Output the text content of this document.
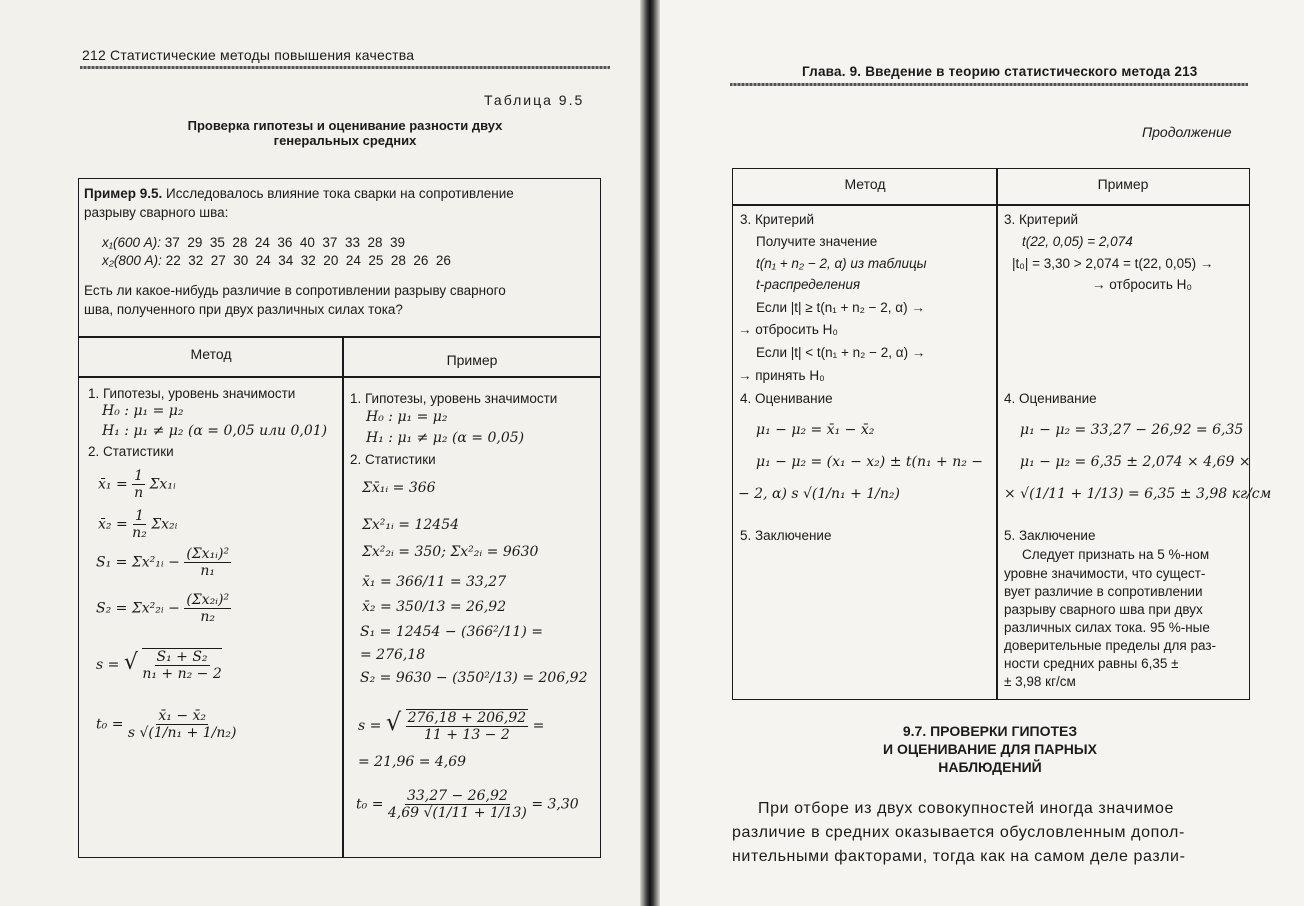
212 Статистические методы повышения качества
Таблица 9.5
Проверка гипотезы и оценивание разности двух генеральных средних
Пример 9.5. Исследовалось влияние тока сварки на сопротивление
разрыву сварного шва:
x₁(600 А): 37  29  35  28  24  36  40  37  33  28  39
x₂(800 А): 22  32  27  30  24  34  32  20  24  25  28  26  26
Есть ли какое-нибудь различие в сопротивлении разрыву сварного
шва, полученного при двух различных силах тока?
Метод	Пример
1. Гипотезы, уровень значимости
H₀ : μ₁ = μ₂
H₁ : μ₁ ≠ μ₂ (α = 0,05 или 0,01)
2. Статистики
x̄₁ = $\frac{1}{n}$ Σx₁ᵢ
x̄₂ = $\frac{1}{\text{n₂}}$ Σx₂ᵢ
S₁ = Σx²₁ᵢ − $\frac{\text{(Σx₁ᵢ)²}}{\text{n₁}}$
S₂ = Σx²₂ᵢ − $\frac{\text{(Σx₂ᵢ)²}}{\text{n₂}}$
s = √ $\frac{\text{S₁ + S₂}}{\text{n₁ + n₂ − 2}}$
$t_0 = \frac{\text{x̄₁ − x̄₂}}{\text{s √(1/n₁ + 1/n₂)}}$
1. Гипотезы, уровень значимости
H₀ : μ₁ = μ₂
H₁ : μ₁ ≠ μ₂ (α = 0,05)
2. Статистики
Σx̄₁ᵢ = 366
Σx²₁ᵢ = 12454
Σx²₂ᵢ = 350; Σx²₂ᵢ = 9630
x̄₁ = 366/11 = 33,27
x̄₂ = 350/13 = 26,92
S₁ = 12454 − (366²/11) =
= 276,18
S₂ = 9630 − (350²/13) = 206,92
s = √ $\frac{276,18 + 206,92}{11 + 13 - 2}$ =
= 21,96 = 4,69
$t_0 = \frac{33,27 - 26,92}{4,69 √(1/11 + 1/13)} = 3,30$
Глава. 9. Введение в теорию статистического метода 213
Продолжение
Метод	Пример
3. Критерий
Получите значение
t(n₁ + n₂ − 2, α) из таблицы
t-распределения
Если |t| ≥ t(n₁ + n₂ − 2, α) →
→ отбросить H₀
Если |t| < t(n₁ + n₂ − 2, α) →
→ принять H₀
4. Оценивание
μ₁ − μ₂ = x̄₁ − x̄₂
μ₁ − μ₂ = (x₁ − x₂) ± t(n₁ + n₂ −
− 2, α) s √(1/n₁ + 1/n₂)
5. Заключение
3. Критерий
t(22, 0,05) = 2,074
|t₀| = 3,30 > 2,074 = t(22, 0,05) →
→ отбросить H₀
4. Оценивание
μ₁ − μ₂ = 33,27 − 26,92 = 6,35
μ₁ − μ₂ = 6,35 ± 2,074 × 4,69 ×
× √(1/11 + 1/13) = 6,35 ± 3,98 кг/см
5. Заключение
Следует признать на 5 %-ном
уровне значимости, что сущест-
вует различие в сопротивлении
разрыву сварного шва при двух
различных силах тока. 95 %-ные
доверительные пределы для раз-
ности средних равны 6,35 ±
± 3,98 кг/см
9.7. ПРОВЕРКИ ГИПОТЕЗ
И ОЦЕНИВАНИЕ ДЛЯ ПАРНЫХ
НАБЛЮДЕНИЙ
При отборе из двух совокупностей иногда значимое
различие в средних оказывается обусловленным допол-
нительными факторами, тогда как на самом деле разли-
